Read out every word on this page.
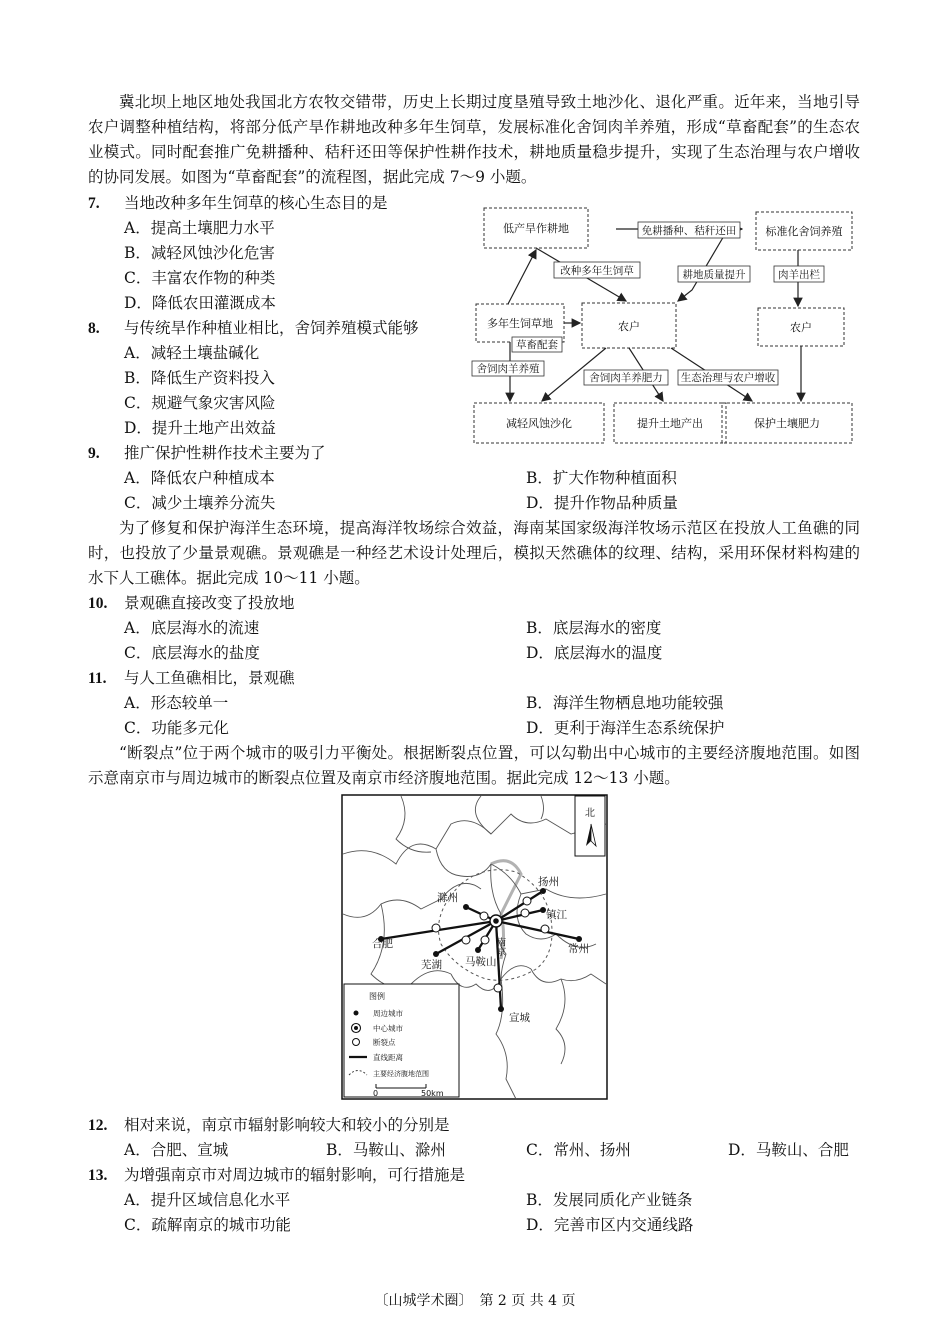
冀北坝上地区地处我国北方农牧交错带，历史上长期过度垦殖导致土地沙化、退化严重。近年来，当地引导农户调整种植结构，将部分低产旱作耕地改种多年生饲草，发展标准化舍饲肉羊养殖，形成“草畜配套”的生态农业模式。同时配套推广免耕播种、秸秆还田等保护性耕作技术，耕地质量稳步提升，实现了生态治理与农户增收的协同发展。如图为“草畜配套”的流程图，据此完成 7～9 小题。
7. 当地改种多年生饲草的核心生态目的是
A．提高土壤肥力水平
B．减轻风蚀沙化危害
C．丰富农作物的种类
D．降低农田灌溉成本
8. 与传统旱作种植业相比，舍饲养殖模式能够
A．减轻土壤盐碱化
B．降低生产资料投入
C．规避气象灾害风险
D．提升土地产出效益
低产旱作耕地	免耕播种、秸秆还田	标准化舍饲养殖
改种多年生饲草	耕地质量提升	肉羊出栏
多年生饲草地	农户	农户
草畜配套
舍饲肉羊养殖
舍饲肉羊养肥力 生态治理与农户增收
减轻风蚀沙化	提升土地产出	保护土壤肥力
9. 推广保护性耕作技术主要为了
A．降低农户种植成本	B．扩大作物种植面积
C．减少土壤养分流失	D．提升作物品种质量
为了修复和保护海洋生态环境，提高海洋牧场综合效益，海南某国家级海洋牧场示范区在投放人工鱼礁的同时，也投放了少量景观礁。景观礁是一种经艺术设计处理后，模拟天然礁体的纹理、结构，采用环保材料构建的水下人工礁体。据此完成 10～11 小题。
10. 景观礁直接改变了投放地
A．底层海水的流速	B．底层海水的密度
C．底层海水的盐度	D．底层海水的温度
11. 与人工鱼礁相比，景观礁
A．形态较单一	B．海洋生物栖息地功能较强
C．功能多元化	D．更利于海洋生态系统保护
“断裂点”位于两个城市的吸引力平衡处。根据断裂点位置，可以勾勒出中心城市的主要经济腹地范围。如图示意南京市与周边城市的断裂点位置及南京市经济腹地范围。据此完成 12～13 小题。
滁州
扬州
镇江
合肥	常州
芜湖 马鞍山
宣城
南京
北
图例
周边城市
中心城市
断裂点
直线距离
主要经济腹地范围
0	50km
12. 相对来说，南京市辐射影响较大和较小的分别是
A．合肥、宣城	B．马鞍山、滁州	C．常州、扬州	D．马鞍山、合肥
13. 为增强南京市对周边城市的辐射影响，可行措施是
A．提升区域信息化水平	B．发展同质化产业链条
C．疏解南京的城市功能	D．完善市区内交通线路
〔山城学术圈〕　第 2 页 共 4 页
